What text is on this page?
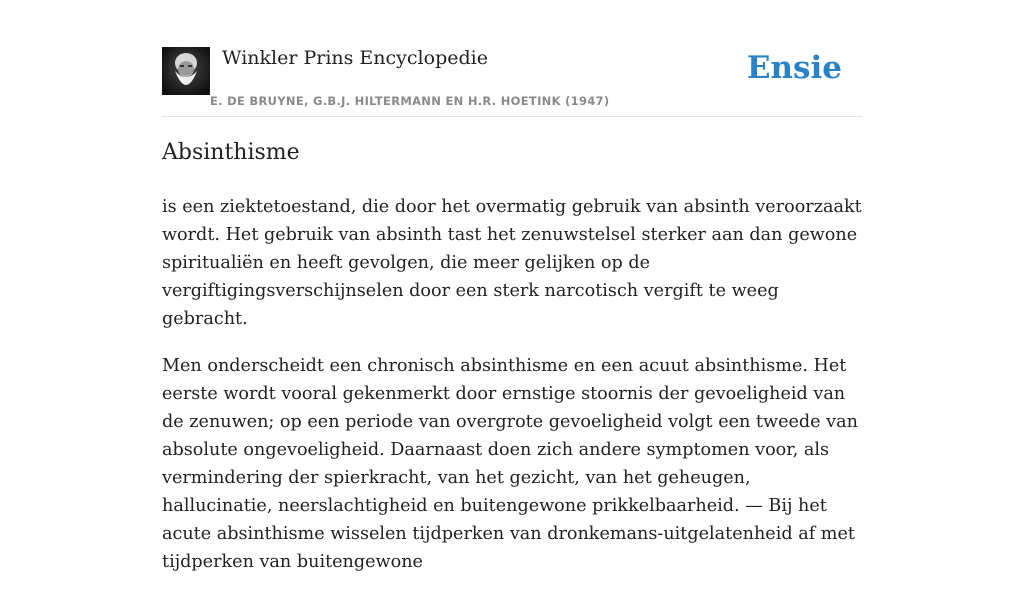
Winkler Prins Encyclopedie
E. DE BRUYNE, G.B.J. HILTERMANN EN H.R. HOETINK (1947)
Ensie
Absinthisme

is een ziektetoestand, die door het overmatig gebruik van absinth veroorzaakt wordt. Het gebruik van absinth tast het zenuwstelsel sterker aan dan gewone spiritualiën en heeft gevolgen, die meer gelijken op de vergiftigingsverschijnselen door een sterk narcotisch vergift te weeg gebracht.

Men onderscheidt een chronisch absinthisme en een acuut absinthisme. Het eerste wordt vooral gekenmerkt door ernstige stoornis der gevoeligheid van de zenuwen; op een periode van overgrote gevoeligheid volgt een tweede van absolute ongevoeligheid. Daarnaast doen zich andere symptomen voor, als vermindering der spierkracht, van het gezicht, van het geheugen, hallucinatie, neerslachtigheid en buitengewone prikkelbaarheid. — Bij het acute absinthisme wisselen tijdperken van dronkemans-uitgelatenheid af met tijdperken van buitengewone
